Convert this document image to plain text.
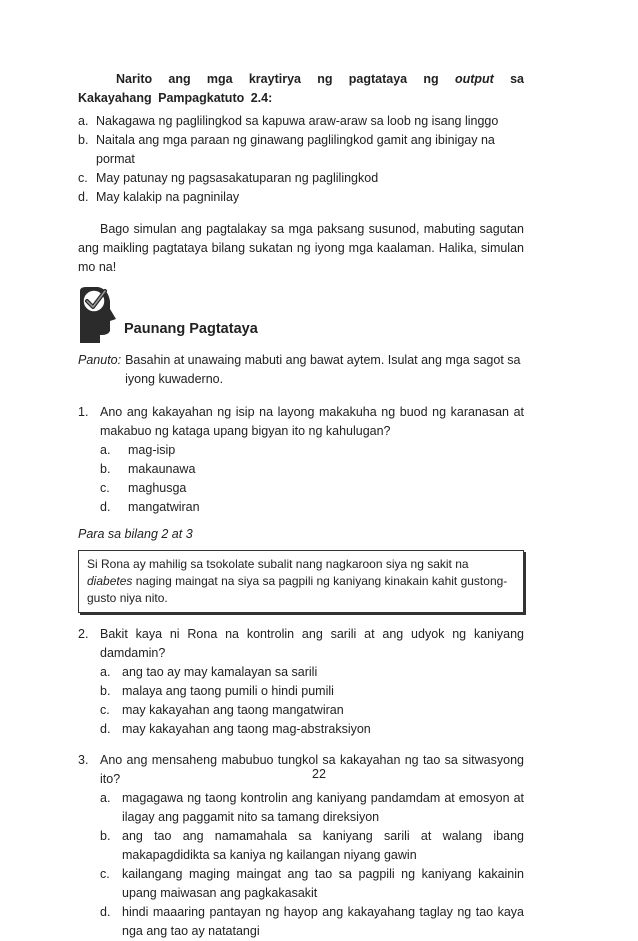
Narito ang mga kraytirya ng pagtataya ng output sa Kakayahang Pampagkatuto 2.4:
a. Nakagawa ng paglilingkod sa kapuwa araw-araw sa loob ng isang linggo
b. Naitala ang mga paraan ng ginawang paglilingkod gamit ang ibinigay na pormat
c. May patunay ng pagsasakatuparan ng paglilingkod
d. May kalakip na pagninilay
Bago simulan ang pagtalakay sa mga paksang susunod, mabuting sagutan ang maikling pagtataya bilang sukatan ng iyong mga kaalaman. Halika, simulan mo na!
Paunang Pagtataya
Panuto: Basahin at unawaing mabuti ang bawat aytem. Isulat ang mga sagot sa iyong kuwaderno.
1. Ano ang kakayahan ng isip na layong makakuha ng buod ng karanasan at makabuo ng kataga upang bigyan ito ng kahulugan?
a.	mag-isip
b.	makaunawa
c.	maghusga
d.	mangatwiran
Para sa bilang 2 at 3
Si Rona ay mahilig sa tsokolate subalit nang nagkaroon siya ng sakit na diabetes naging maingat na siya sa pagpili ng kaniyang kinakain kahit gustong-gusto niya nito.
2. Bakit kaya ni Rona na kontrolin ang sarili at ang udyok ng kaniyang damdamin?
a. ang tao ay may kamalayan sa sarili
b. malaya ang taong pumili o hindi pumili
c. may kakayahan ang taong mangatwiran
d. may kakayahan ang taong mag-abstraksiyon
3. Ano ang mensaheng mabubuo tungkol sa kakayahan ng tao sa sitwasyong ito?
a. magagawa ng taong kontrolin ang kaniyang pandamdam at emosyon at ilagay ang paggamit nito sa tamang direksiyon
b. ang tao ang namamahala sa kaniyang sarili at walang ibang makapagdidikta sa kaniya ng kailangan niyang gawin
c. kailangang maging maingat ang tao sa pagpili ng kaniyang kakainin upang maiwasan ang pagkakasakit
d. hindi maaaring pantayan ng hayop ang kakayahang taglay ng tao kaya nga ang tao ay natatangi
22
